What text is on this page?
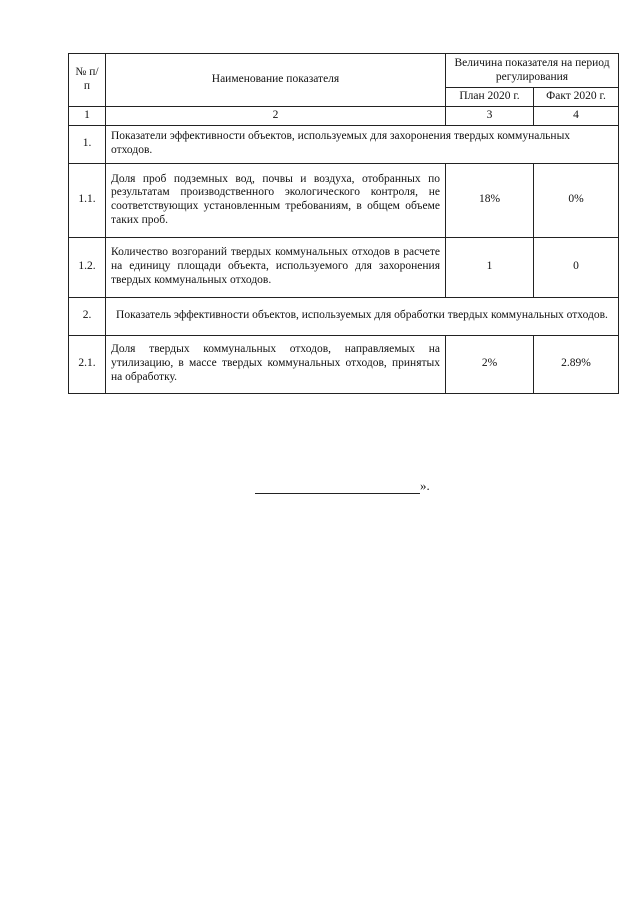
№ п/п	Наименование показателя	Величина показателя на период регулирования	
		План 2020 г.	Факт 2020 г.
1	2	3	4
1.	Показатели эффективности объектов, используемых для захоронения твердых коммунальных отходов.		
1.1.	Доля проб подземных вод, почвы и воздуха, отобранных по результатам производственного экологического контроля, не соответствующих установленным требованиям, в общем объеме таких проб.	18%	0%
1.2.	Количество возгораний твердых коммунальных отходов в расчете на единицу площади объекта, используемого для захоронения твердых коммунальных отходов.	1	0
2.	Показатель эффективности объектов, используемых для обработки твердых коммунальных отходов.		
2.1.	Доля твердых коммунальных отходов, направляемых на утилизацию, в массе твердых коммунальных отходов, принятых на обработку.	2%	2.89%
».
